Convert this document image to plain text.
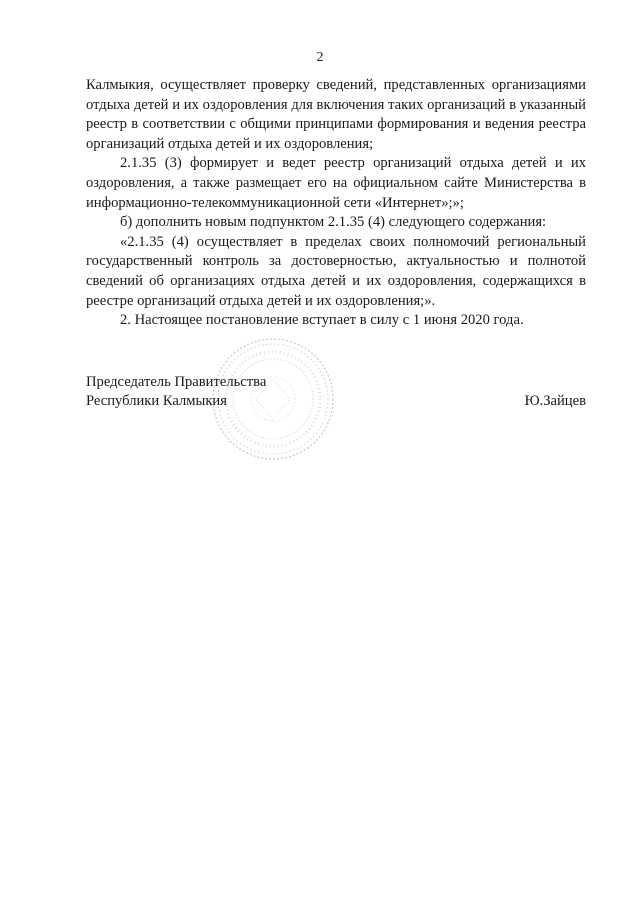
2

Калмыкия, осуществляет проверку сведений, представленных организациями отдыха детей и их оздоровления для включения таких организаций в указанный реестр в соответствии с общими принципами формирования и ведения реестра организаций отдыха детей и их оздоровления;

2.1.35 (3) формирует и ведет реестр организаций отдыха детей и их оздоровления, а также размещает его на официальном сайте Министерства в информационно-телекоммуникационной сети «Интернет»;»;

б) дополнить новым подпунктом 2.1.35 (4) следующего содержания:

«2.1.35 (4) осуществляет в пределах своих полномочий региональный государственный контроль за достоверностью, актуальностью и полнотой сведений об организациях отдыха детей и их оздоровления, содержащихся в реестре организаций отдыха детей и их оздоровления;».

2. Настоящее постановление вступает в силу с 1 июня 2020 года.

Председатель Правительства
Республики Калмыкия	Ю.Зайцев
